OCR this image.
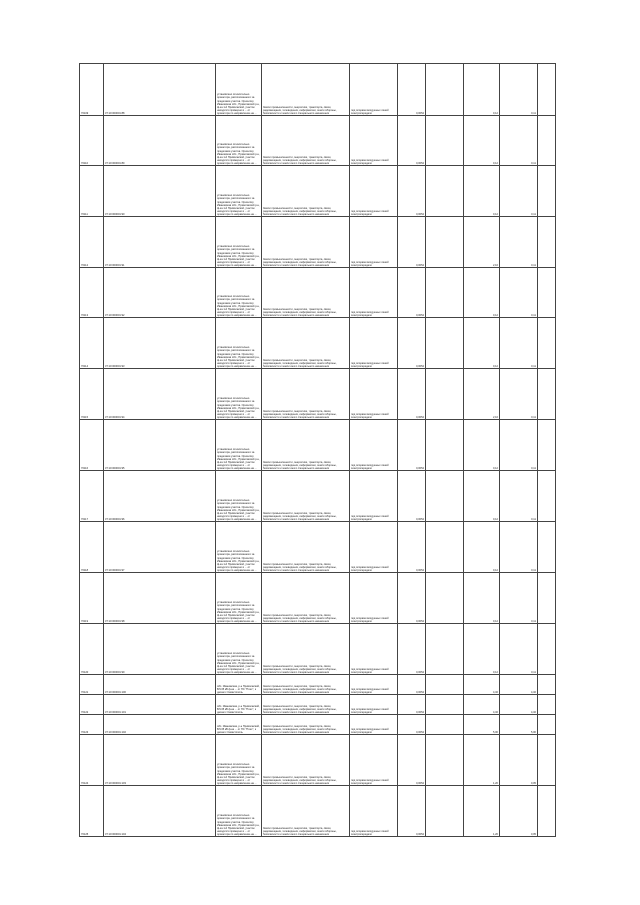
70109	37:10:000001:88	установлено относительно ориентира, расположенного за пределами участка. Ориентир Ивановская обл., Приволжский р-н, ф-ка 1-й Приволжской, участок находится примерно в ... от ориентира по направлению на ...	Земли промышленности, энергетики, транспорта, связи, радиовещания, телевидения, информатики, земли обороны, безопасности и земли иного специального назначения	под опорами воздушных линий электропередачи	0,0054		0,12	0,11	
70110	37:10:000001:89	установлено относительно ориентира, расположенного за пределами участка. Ориентир Ивановская обл., Приволжский р-н, ф-ка 1-й Приволжской, участок находится примерно в ... от ориентира по направлению на ...	Земли промышленности, энергетики, транспорта, связи, радиовещания, телевидения, информатики, земли обороны, безопасности и земли иного специального назначения	под опорами воздушных линий электропередачи	0,0054		0,12	0,11	
70111	37:10:000001:90	установлено относительно ориентира, расположенного за пределами участка. Ориентир Ивановская обл., Приволжский р-н, ф-ка 1-й Приволжской, участок находится примерно в ... от ориентира по направлению на ...	Земли промышленности, энергетики, транспорта, связи, радиовещания, телевидения, информатики, земли обороны, безопасности и земли иного специального назначения	под опорами воздушных линий электропередачи	0,0054		0,12	0,11	
70112	37:10:000001:91	установлено относительно ориентира, расположенного за пределами участка. Ориентир Ивановская обл., Приволжский р-н, ф-ка 1-й Приволжской, участок находится примерно в ... от ориентира по направлению на ...	Земли промышленности, энергетики, транспорта, связи, радиовещания, телевидения, информатики, земли обороны, безопасности и земли иного специального назначения	под опорами воздушных линий электропередачи	0,0054		2,16	0,11	
70113	37:10:000001:92	установлено относительно ориентира, расположенного за пределами участка. Ориентир Ивановская обл., Приволжский р-н, ф-ка 1-й Приволжской, участок находится примерно в ... от ориентира по направлению на ...	Земли промышленности, энергетики, транспорта, связи, радиовещания, телевидения, информатики, земли обороны, безопасности и земли иного специального назначения	под опорами воздушных линий электропередачи	0,0054		0,12	0,11	
70114	37:10:000001:93	установлено относительно ориентира, расположенного за пределами участка. Ориентир Ивановская обл., Приволжский р-н, ф-ка 1-й Приволжской, участок находится примерно в ... от ориентира по направлению на ...	Земли промышленности, энергетики, транспорта, связи, радиовещания, телевидения, информатики, земли обороны, безопасности и земли иного специального назначения	под опорами воздушных линий электропередачи	0,0054		0,12	0,11	
70115	37:10:000001:94	установлено относительно ориентира, расположенного за пределами участка. Ориентир Ивановская обл., Приволжский р-н, ф-ка 1-й Приволжской, участок находится примерно в ... от ориентира по направлению на ...	Земли промышленности, энергетики, транспорта, связи, радиовещания, телевидения, информатики, земли обороны, безопасности и земли иного специального назначения	под опорами воздушных линий электропередачи	0,0054		2,16	0,11	
70116	37:10:000001:95	установлено относительно ориентира, расположенного за пределами участка. Ориентир Ивановская обл., Приволжский р-н, ф-ка 1-й Приволжской, участок находится примерно в ... от ориентира по направлению на ...	Земли промышленности, энергетики, транспорта, связи, радиовещания, телевидения, информатики, земли обороны, безопасности и земли иного специального назначения	под опорами воздушных линий электропередачи	0,0054		0,12	0,11	
70117	37:10:000001:96	установлено относительно ориентира, расположенного за пределами участка. Ориентир Ивановская обл., Приволжский р-н, ф-ка 1-й Приволжской, участок находится примерно в ... от ориентира по направлению на ...	Земли промышленности, энергетики, транспорта, связи, радиовещания, телевидения, информатики, земли обороны, безопасности и земли иного специального назначения	под опорами воздушных линий электропередачи	0,0054		0,12	0,11	
70118	37:10:000001:97	установлено относительно ориентира, расположенного за пределами участка. Ориентир Ивановская обл., Приволжский р-н, ф-ка 1-й Приволжской, участок находится примерно в ... от ориентира по направлению на ...	Земли промышленности, энергетики, транспорта, связи, радиовещания, телевидения, информатики, земли обороны, безопасности и земли иного специального назначения	под опорами воздушных линий электропередачи	0,0054		0,12	0,11	
70119	37:10:000001:98	установлено относительно ориентира, расположенного за пределами участка. Ориентир Ивановская обл., Приволжский р-н, ф-ка 1-й Приволжской, участок находится примерно в ... от ориентира по направлению на ...	Земли промышленности, энергетики, транспорта, связи, радиовещания, телевидения, информатики, земли обороны, безопасности и земли иного специального назначения	под опорами воздушных линий электропередачи	0,0054		0,12	0,11	
70120	37:10:000001:99	установлено относительно ориентира, расположенного за пределами участка. Ориентир Ивановская обл., Приволжский р-н, ф-ка 1-й Приволжской, участок находится примерно в ... от ориентира по направлению на ...	Земли промышленности, энергетики, транспорта, связи, радиовещания, телевидения, информатики, земли обороны, безопасности и земли иного специального назначения	под опорами воздушных линий электропередачи	0,0054		0,12	0,11	
70121	37:10:000001:100	обл. Ивановская, р-н Приволжский, ВЛ-35 кВ ф-ка ... от ПС "Плес", к дачам с Севастополь	Земли промышленности, энергетики, транспорта, связи, радиовещания, телевидения, информатики, земли обороны, безопасности и земли иного специального назначения	под опорами воздушных линий электропередачи	0,0054		4,32	4,32	
70122	37:10:000001:101	обл. Ивановская, р-н Приволжский, ВЛ-35 кВ ф-ка ... от ПС "Плес", к дачам с Севастополь	Земли промышленности, энергетики, транспорта, связи, радиовещания, телевидения, информатики, земли обороны, безопасности и земли иного специального назначения	под опорами воздушных линий электропередачи	0,0054		4,32	4,32	
70123	37:10:000001:102	обл. Ивановская, р-н Приволжский, ВЛ-35 кВ ф-ка ... от ПС "Плес", к дачам с Севастополь	Земли промышленности, энергетики, транспорта, связи, радиовещания, телевидения, информатики, земли обороны, безопасности и земли иного специального назначения	под опорами воздушных линий электропередачи	0,0054		5,00	5,00	
70124	37:10:000001:103	установлено относительно ориентира, расположенного за пределами участка. Ориентир Ивановская обл., Приволжский р-н, ф-ка 1-й Приволжской, участок находится примерно в ... от ориентира по направлению на ...	Земли промышленности, энергетики, транспорта, связи, радиовещания, телевидения, информатики, земли обороны, безопасности и земли иного специального назначения	под опорами воздушных линий электропередачи	0,0054		1,20	0,05	
70125	37:10:000001:104	установлено относительно ориентира, расположенного за пределами участка. Ориентир Ивановская обл., Приволжский р-н, ф-ка 1-й Приволжской, участок находится примерно в ... от ориентира по направлению на ...	Земли промышленности, энергетики, транспорта, связи, радиовещания, телевидения, информатики, земли обороны, безопасности и земли иного специального назначения	под опорами воздушных линий электропередачи	0,0054		1,20	0,05	
